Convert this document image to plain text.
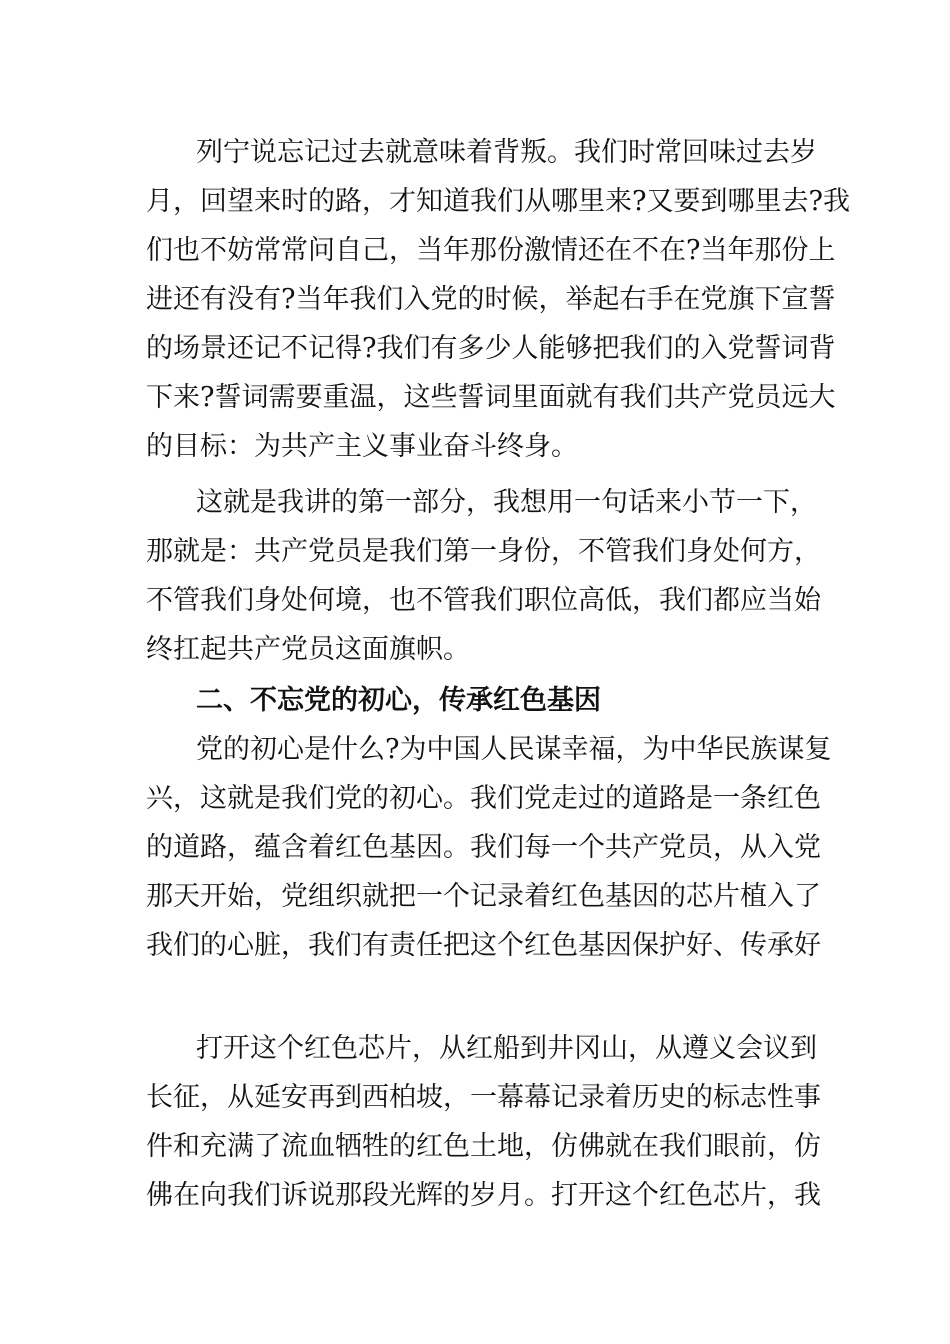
列宁说忘记过去就意味着背叛。我们时常回味过去岁
月，回望来时的路，才知道我们从哪里来?又要到哪里去?我
们也不妨常常问自己，当年那份激情还在不在?当年那份上
进还有没有?当年我们入党的时候，举起右手在党旗下宣誓
的场景还记不记得?我们有多少人能够把我们的入党誓词背
下来?誓词需要重温，这些誓词里面就有我们共产党员远大
的目标：为共产主义事业奋斗终身。
这就是我讲的第一部分，我想用一句话来小节一下，
那就是：共产党员是我们第一身份，不管我们身处何方，
不管我们身处何境，也不管我们职位高低，我们都应当始
终扛起共产党员这面旗帜。
二、不忘党的初心，传承红色基因
党的初心是什么?为中国人民谋幸福，为中华民族谋复
兴，这就是我们党的初心。我们党走过的道路是一条红色
的道路，蕴含着红色基因。我们每一个共产党员，从入党
那天开始，党组织就把一个记录着红色基因的芯片植入了
我们的心脏，我们有责任把这个红色基因保护好、传承好
打开这个红色芯片，从红船到井冈山，从遵义会议到
长征，从延安再到西柏坡，一幕幕记录着历史的标志性事
件和充满了流血牺牲的红色土地，仿佛就在我们眼前，仿
佛在向我们诉说那段光辉的岁月。打开这个红色芯片，我
